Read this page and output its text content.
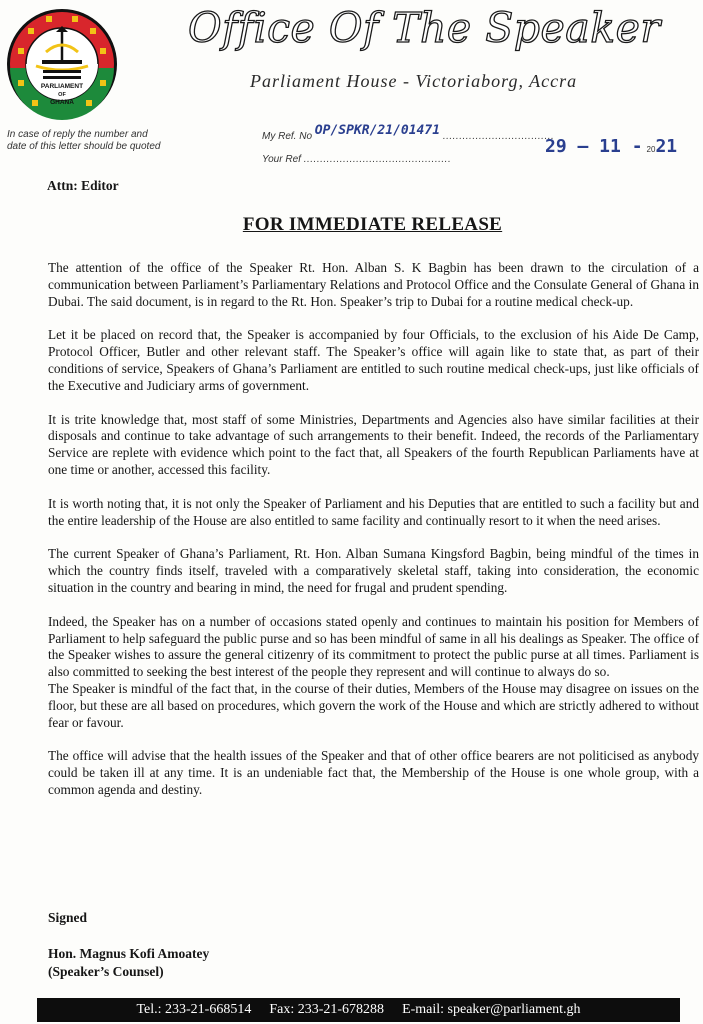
PARLIAMENT
OF
GHANA
Office Of The Speaker
Parliament House - Victoriaborg, Accra
In case of reply the number and date of this letter should be quoted
My Ref. No OP/SPKR/21/01471 ..................................
Your Ref .............................................
29 — 11 - 2021
Attn: Editor
FOR IMMEDIATE RELEASE

The attention of the office of the Speaker Rt. Hon. Alban S. K Bagbin has been drawn to the circulation of a communication between Parliament’s Parliamentary Relations and Protocol Office and the Consulate General of Ghana in Dubai. The said document, is in regard to the Rt. Hon. Speaker’s trip to Dubai for a routine medical check-up.

Let it be placed on record that, the Speaker is accompanied by four Officials, to the exclusion of his Aide De Camp, Protocol Officer, Butler and other relevant staff. The Speaker’s office will again like to state that, as part of their conditions of service, Speakers of Ghana’s Parliament are entitled to such routine medical check-ups, just like officials of the Executive and Judiciary arms of government.

It is trite knowledge that, most staff of some Ministries, Departments and Agencies also have similar facilities at their disposals and continue to take advantage of such arrangements to their benefit. Indeed, the records of the Parliamentary Service are replete with evidence which point to the fact that, all Speakers of the fourth Republican Parliaments have at one time or another, accessed this facility.

It is worth noting that, it is not only the Speaker of Parliament and his Deputies that are entitled to such a facility but and the entire leadership of the House are also entitled to same facility and continually resort to it when the need arises.

The current Speaker of Ghana’s Parliament, Rt. Hon. Alban Sumana Kingsford Bagbin, being mindful of the times in which the country finds itself, traveled with a comparatively skeletal staff, taking into consideration, the economic situation in the country and bearing in mind, the need for frugal and prudent spending.

Indeed, the Speaker has on a number of occasions stated openly and continues to maintain his position for Members of Parliament to help safeguard the public purse and so has been mindful of same in all his dealings as Speaker. The office of the Speaker wishes to assure the general citizenry of its commitment to protect the public purse at all times. Parliament is also committed to seeking the best interest of the people they represent and will continue to always do so.

The Speaker is mindful of the fact that, in the course of their duties, Members of the House may disagree on issues on the floor, but these are all based on procedures, which govern the work of the House and which are strictly adhered to without fear or favour.

The office will advise that the health issues of the Speaker and that of other office bearers are not politicised as anybody could be taken ill at any time. It is an undeniable fact that, the Membership of the House is one whole group, with a common agenda and destiny.

Signed
Hon. Magnus Kofi Amoatey
(Speaker’s Counsel)
Tel.: 233-21-668514 Fax: 233-21-678288 E-mail: speaker@parliament.gh
